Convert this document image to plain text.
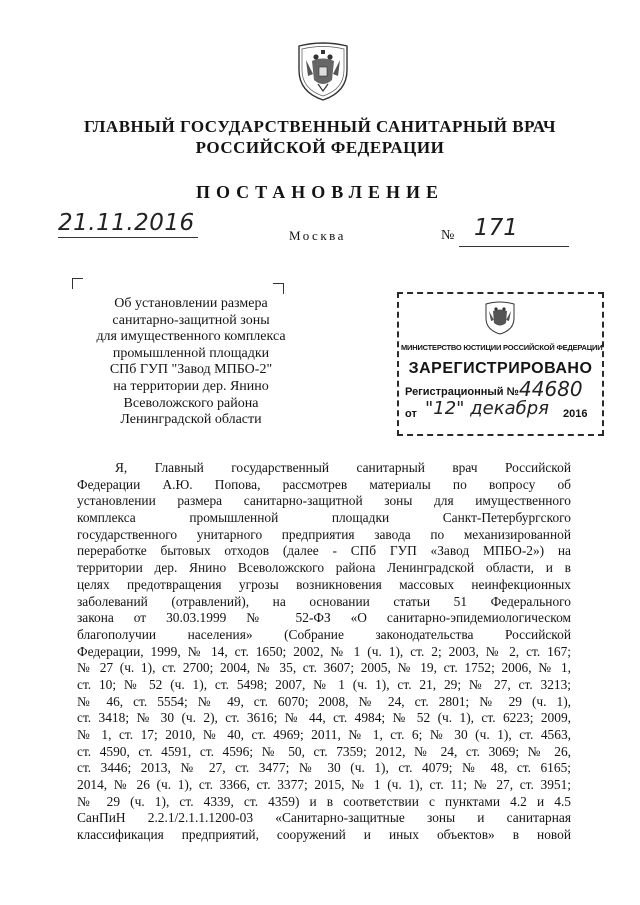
ГЛАВНЫЙ ГОСУДАРСТВЕННЫЙ САНИТАРНЫЙ ВРАЧ
РОССИЙСКОЙ ФЕДЕРАЦИИ
ПОСТАНОВЛЕНИЕ
21.11.2016	Москва	№ 171
Об установлении размера
санитарно-защитной зоны
для имущественного комплекса
промышленной площадки
СПб ГУП "Завод МПБО-2"
на территории дер. Янино
Всеволожского района
Ленинградской области
МИНИСТЕРСТВО ЮСТИЦИИ РОССИЙСКОЙ ФЕДЕРАЦИИ
ЗАРЕГИСТРИРОВАНО
Регистрационный № 44680
от "12" декабря 2016
Я, Главный государственный санитарный врач Российской
Федерации А.Ю. Попова, рассмотрев материалы по вопросу об
установлении размера санитарно-защитной зоны для имущественного
комплекса промышленной площадки Санкт-Петербургского
государственного унитарного предприятия завода по механизированной
переработке бытовых отходов (далее - СПб ГУП «Завод МПБО-2») на
территории дер. Янино Всеволожского района Ленинградской области, и в
целях предотвращения угрозы возникновения массовых неинфекционных
заболеваний (отравлений), на основании статьи 51 Федерального
закона от 30.03.1999 № 52-ФЗ «О санитарно-эпидемиологическом
благополучии населения» (Собрание законодательства Российской
Федерации, 1999, № 14, ст. 1650; 2002, № 1 (ч. 1), ст. 2; 2003, № 2, ст. 167;
№ 27 (ч. 1), ст. 2700; 2004, № 35, ст. 3607; 2005, № 19, ст. 1752; 2006, № 1,
ст. 10; № 52 (ч. 1), ст. 5498; 2007, № 1 (ч. 1), ст. 21, 29; № 27, ст. 3213;
№ 46, ст. 5554; № 49, ст. 6070; 2008, № 24, ст. 2801; № 29 (ч. 1),
ст. 3418; № 30 (ч. 2), ст. 3616; № 44, ст. 4984; № 52 (ч. 1), ст. 6223; 2009,
№ 1, ст. 17; 2010, № 40, ст. 4969; 2011, № 1, ст. 6; № 30 (ч. 1), ст. 4563,
ст. 4590, ст. 4591, ст. 4596; № 50, ст. 7359; 2012, № 24, ст. 3069; № 26,
ст. 3446; 2013, № 27, ст. 3477; № 30 (ч. 1), ст. 4079; № 48, ст. 6165;
2014, № 26 (ч. 1), ст. 3366, ст. 3377; 2015, № 1 (ч. 1), ст. 11; № 27, ст. 3951;
№ 29 (ч. 1), ст. 4339, ст. 4359) и в соответствии с пунктами 4.2 и 4.5
СанПиН 2.2.1/2.1.1.1200-03 «Санитарно-защитные зоны и санитарная
классификация предприятий, сооружений и иных объектов» в новой
